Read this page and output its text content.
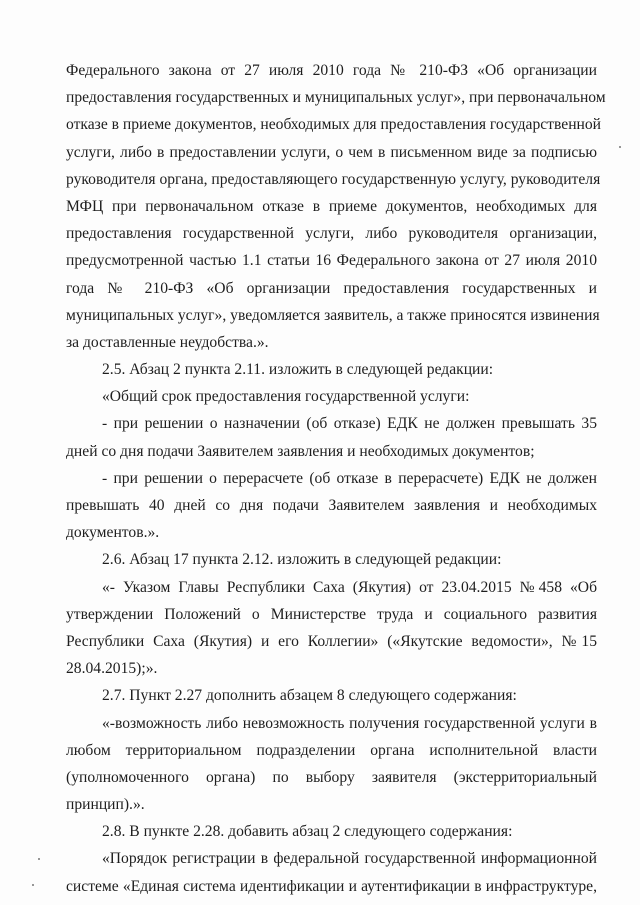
Федерального закона от 27 июля 2010 года № 210-ФЗ «Об организации
предоставления государственных и муниципальных услуг», при первоначальном
отказе в приеме документов, необходимых для предоставления государственной
услуги, либо в предоставлении услуги, о чем в письменном виде за подписью
руководителя органа, предоставляющего государственную услугу, руководителя
МФЦ при первоначальном отказе в приеме документов, необходимых для
предоставления государственной услуги, либо руководителя организации,
предусмотренной частью 1.1 статьи 16 Федерального закона от 27 июля 2010
года № 210-ФЗ «Об организации предоставления государственных и
муниципальных услуг», уведомляется заявитель, а также приносятся извинения
за доставленные неудобства.».
2.5. Абзац 2 пункта 2.11. изложить в следующей редакции:
«Общий срок предоставления государственной услуги:
- при решении о назначении (об отказе) ЕДК не должен превышать 35
дней со дня подачи Заявителем заявления и необходимых документов;
- при решении о перерасчете (об отказе в перерасчете) ЕДК не должен
превышать 40 дней со дня подачи Заявителем заявления и необходимых
документов.».
2.6. Абзац 17 пункта 2.12. изложить в следующей редакции:
«- Указом Главы Республики Саха (Якутия) от 23.04.2015 №458 «Об
утверждении Положений о Министерстве труда и социального развития
Республики Саха (Якутия) и его Коллегии» («Якутские ведомости», №15
28.04.2015);».
2.7. Пункт 2.27 дополнить абзацем 8 следующего содержания:
«-возможность либо невозможность получения государственной услуги в
любом территориальном подразделении органа исполнительной власти
(уполномоченного органа) по выбору заявителя (экстерриториальный
принцип).».
2.8. В пункте 2.28. добавить абзац 2 следующего содержания:
«Порядок регистрации в федеральной государственной информационной
системе «Единая система идентификации и аутентификации в инфраструктуре,
